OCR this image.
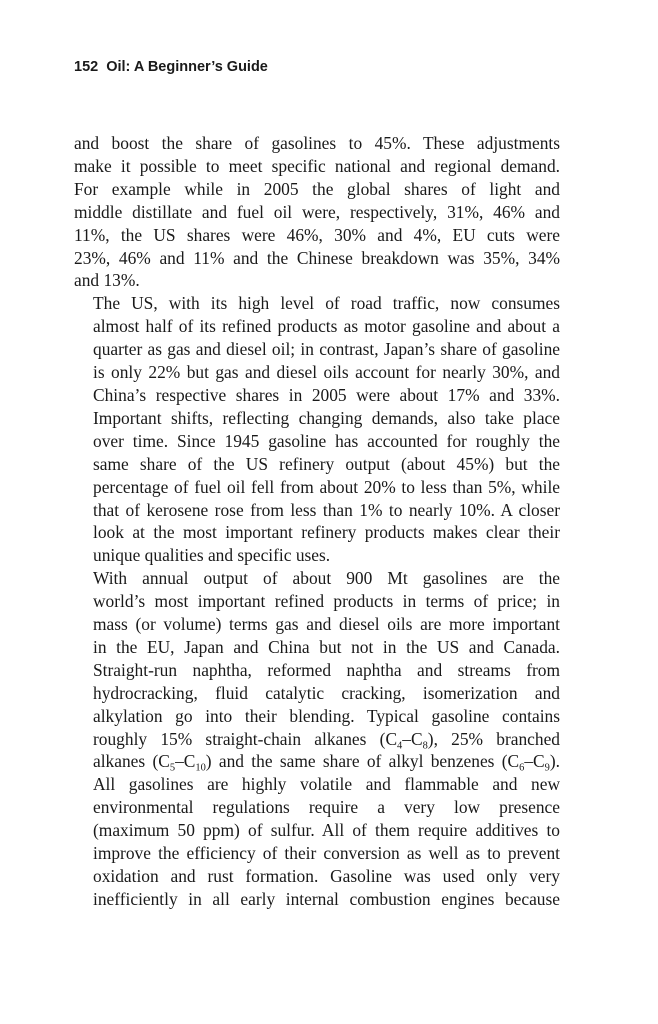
152 Oil: A Beginner’s Guide

and boost the share of gasolines to 45%. These adjustments
make it possible to meet specific national and regional demand.
For example while in 2005 the global shares of light and
middle distillate and fuel oil were, respectively, 31%, 46% and
11%, the US shares were 46%, 30% and 4%, EU cuts were
23%, 46% and 11% and the Chinese breakdown was 35%, 34%
and 13%.

The US, with its high level of road traffic, now consumes
almost half of its refined products as motor gasoline and about a
quarter as gas and diesel oil; in contrast, Japan’s share of gasoline
is only 22% but gas and diesel oils account for nearly 30%, and
China’s respective shares in 2005 were about 17% and 33%.
Important shifts, reflecting changing demands, also take place
over time. Since 1945 gasoline has accounted for roughly the
same share of the US refinery output (about 45%) but the
percentage of fuel oil fell from about 20% to less than 5%, while
that of kerosene rose from less than 1% to nearly 10%. A closer
look at the most important refinery products makes clear their
unique qualities and specific uses.
With annual output of about 900 Mt gasolines are the
world’s most important refined products in terms of price; in
mass (or volume) terms gas and diesel oils are more important
in the EU, Japan and China but not in the US and Canada.
Straight-run naphtha, reformed naphtha and streams from
hydrocracking, fluid catalytic cracking, isomerization and
alkylation go into their blending. Typical gasoline contains
roughly 15% straight-chain alkanes $(C_4-C_8)$, 25% branched
alkanes $(C_5-C_{10})$ and the same share of alkyl benzenes $(C_6-C_9)$.
All gasolines are highly volatile and flammable and new
environmental regulations require a very low presence
(maximum 50 ppm) of sulfur. All of them require additives to
improve the efficiency of their conversion as well as to prevent
oxidation and rust formation. Gasoline was used only very
inefficiently in all early internal combustion engines because
